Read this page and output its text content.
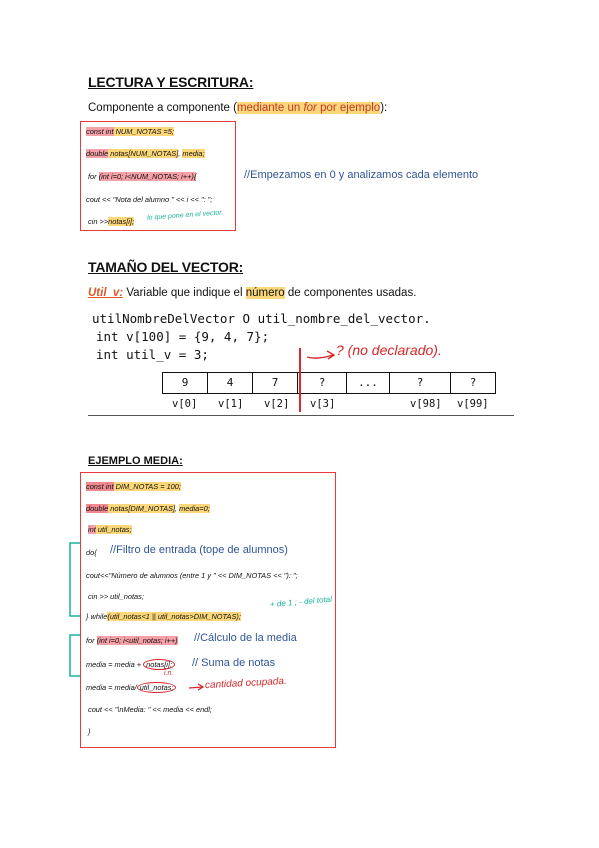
LECTURA Y ESCRITURA:
Componente a componente (mediante un for por ejemplo):
const int NUM_NOTAS =5;
double notas[NUM_NOTAS], media;
for (int i=0; i<NUM_NOTAS; i++){
cout << "Nota del alumno " << i << ": ";
cin >>notas[i]; lo que pone en el vector.
//Empezamos en 0 y analizamos cada elemento
TAMAÑO DEL VECTOR:
Util_v: Variable que indique el número de componentes usadas.
utilNombreDelVector O util_nombre_del_vector.
int v[100] = {9, 4, 7};
int util_v = 3;
9	4	7	?	...	?	?
v[0] v[1] v[2] v[3]	v[98] v[99]
? (no declarado).
EJEMPLO MEDIA:
const int DIM_NOTAS = 100;
double notas[DIM_NOTAS], media=0;
int util_notas;
do{ //Filtro de entrada (tope de alumnos)
cout<<"Número de alumnos (entre 1 y " << DIM_NOTAS << "): ";
cin >> util_notas;
} while(util_notas<1 || util_notas>DIM_NOTAS);
+ de 1 ; - del total
for (int i=0; i<util_notas; i++) //Cálculo de la media
media = media + notas[i]; // Suma de notas
i.n.
media = media/ util_notas;	cantidad ocupada.
cout << "\nMedia: " << media << endl;
}
